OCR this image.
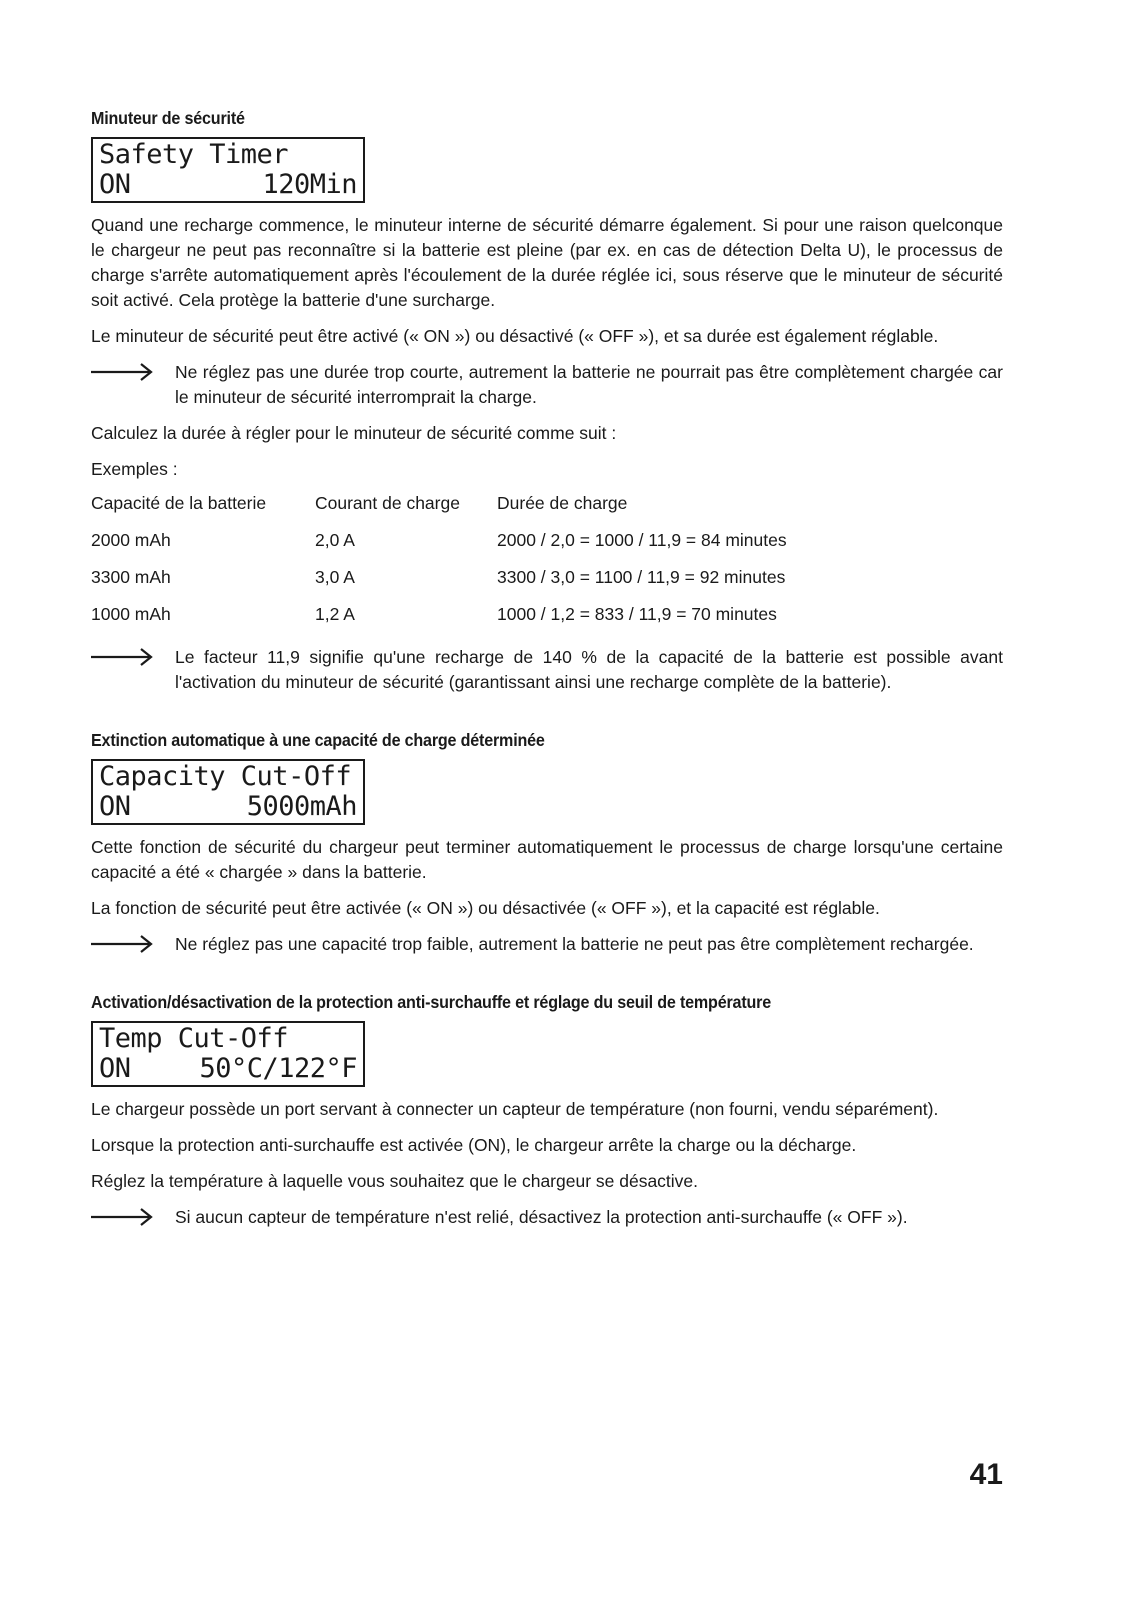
Minuteur de sécurité
Safety Timer
ON	120Min

Quand une recharge commence, le minuteur interne de sécurité démarre également. Si pour une raison quelconque le chargeur ne peut pas reconnaître si la batterie est pleine (par ex. en cas de détection Delta U), le processus de charge s'arrête automatiquement après l'écoulement de la durée réglée ici, sous réserve que le minuteur de sécurité soit activé. Cela protège la batterie d'une surcharge.

Le minuteur de sécurité peut être activé (« ON ») ou désactivé (« OFF »), et sa durée est également réglable.

Ne réglez pas une durée trop courte, autrement la batterie ne pourrait pas être complètement chargée car le minuteur de sécurité interromprait la charge.

Calculez la durée à régler pour le minuteur de sécurité comme suit :

Exemples :

Capacité de la batterie	Courant de charge	Durée de charge
2000 mAh	2,0 A	2000 / 2,0 = 1000 / 11,9 = 84 minutes
3300 mAh	3,0 A	3300 / 3,0 = 1100 / 11,9 = 92 minutes
1000 mAh	1,2 A	1000 / 1,2 = 833 / 11,9 = 70 minutes

Le facteur 11,9 signifie qu'une recharge de 140 % de la capacité de la batterie est possible avant l'activation du minuteur de sécurité (garantissant ainsi une recharge complète de la batterie).

Extinction automatique à une capacité de charge déterminée
Capacity Cut-Off
ON	5000mAh

Cette fonction de sécurité du chargeur peut terminer automatiquement le processus de charge lorsqu'une certaine capacité a été « chargée » dans la batterie.

La fonction de sécurité peut être activée (« ON ») ou désactivée (« OFF »), et la capacité est réglable.

Ne réglez pas une capacité trop faible, autrement la batterie ne peut pas être complètement rechargée.

Activation/désactivation de la protection anti-surchauffe et réglage du seuil de température
Temp Cut-Off
ON	50°C/122°F

Le chargeur possède un port servant à connecter un capteur de température (non fourni, vendu séparément).

Lorsque la protection anti-surchauffe est activée (ON), le chargeur arrête la charge ou la décharge.

Réglez la température à laquelle vous souhaitez que le chargeur se désactive.

Si aucun capteur de température n'est relié, désactivez la protection anti-surchauffe (« OFF »).

41
